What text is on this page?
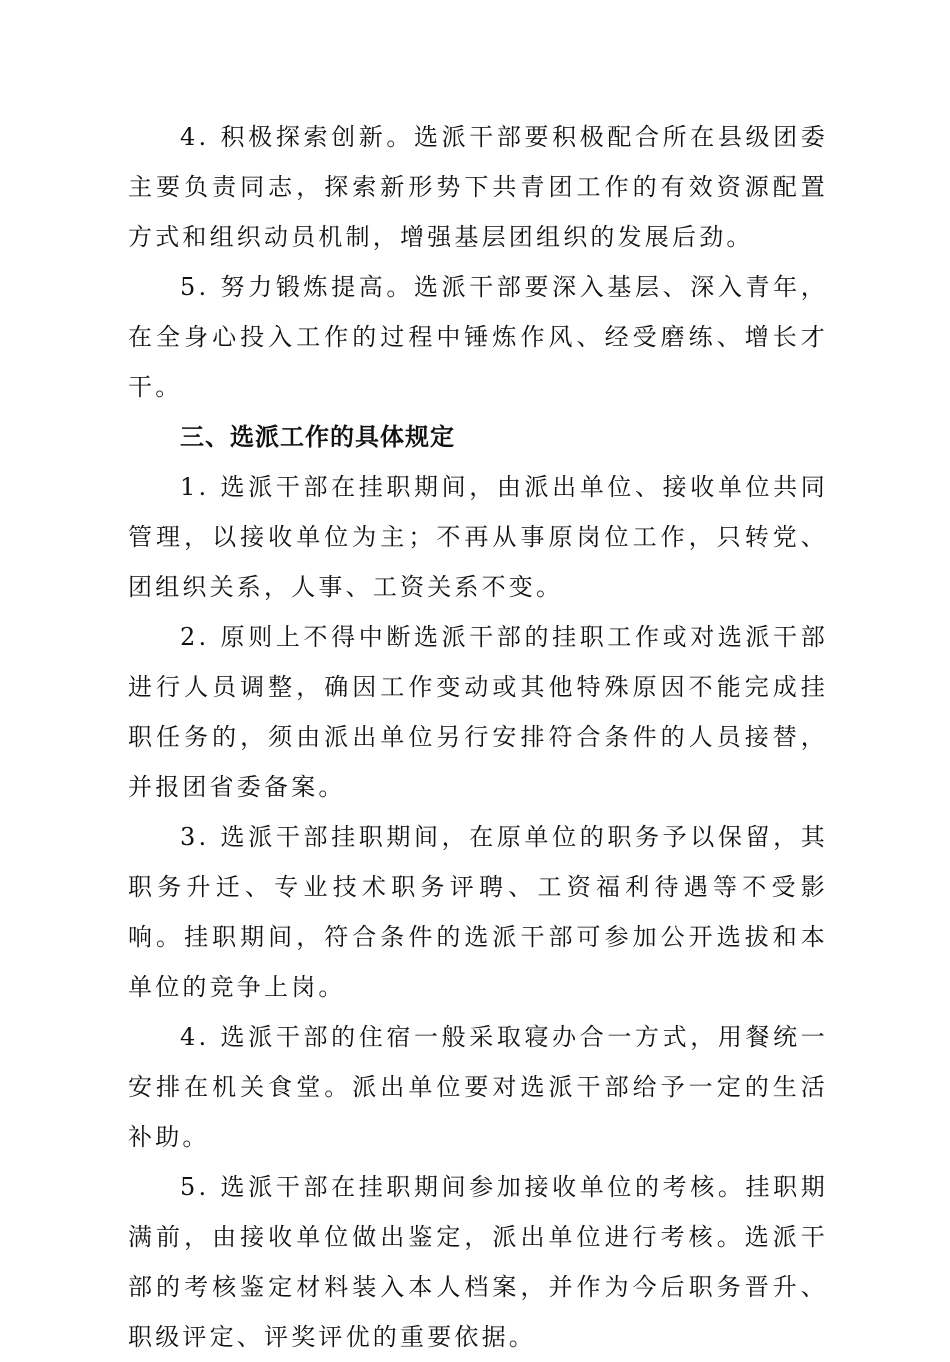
4. 积极探索创新。选派干部要积极配合所在县级团委主要负责同志，探索新形势下共青团工作的有效资源配置方式和组织动员机制，增强基层团组织的发展后劲。

5. 努力锻炼提高。选派干部要深入基层、深入青年，在全身心投入工作的过程中锤炼作风、经受磨练、增长才干。

三、选派工作的具体规定

1. 选派干部在挂职期间，由派出单位、接收单位共同管理，以接收单位为主；不再从事原岗位工作，只转党、团组织关系，人事、工资关系不变。

2. 原则上不得中断选派干部的挂职工作或对选派干部进行人员调整，确因工作变动或其他特殊原因不能完成挂职任务的，须由派出单位另行安排符合条件的人员接替，并报团省委备案。

3. 选派干部挂职期间，在原单位的职务予以保留，其职务升迁、专业技术职务评聘、工资福利待遇等不受影响。挂职期间，符合条件的选派干部可参加公开选拔和本单位的竞争上岗。

4. 选派干部的住宿一般采取寝办合一方式，用餐统一安排在机关食堂。派出单位要对选派干部给予一定的生活补助。

5. 选派干部在挂职期间参加接收单位的考核。挂职期满前，由接收单位做出鉴定，派出单位进行考核。选派干部的考核鉴定材料装入本人档案，并作为今后职务晋升、职级评定、评奖评优的重要依据。
